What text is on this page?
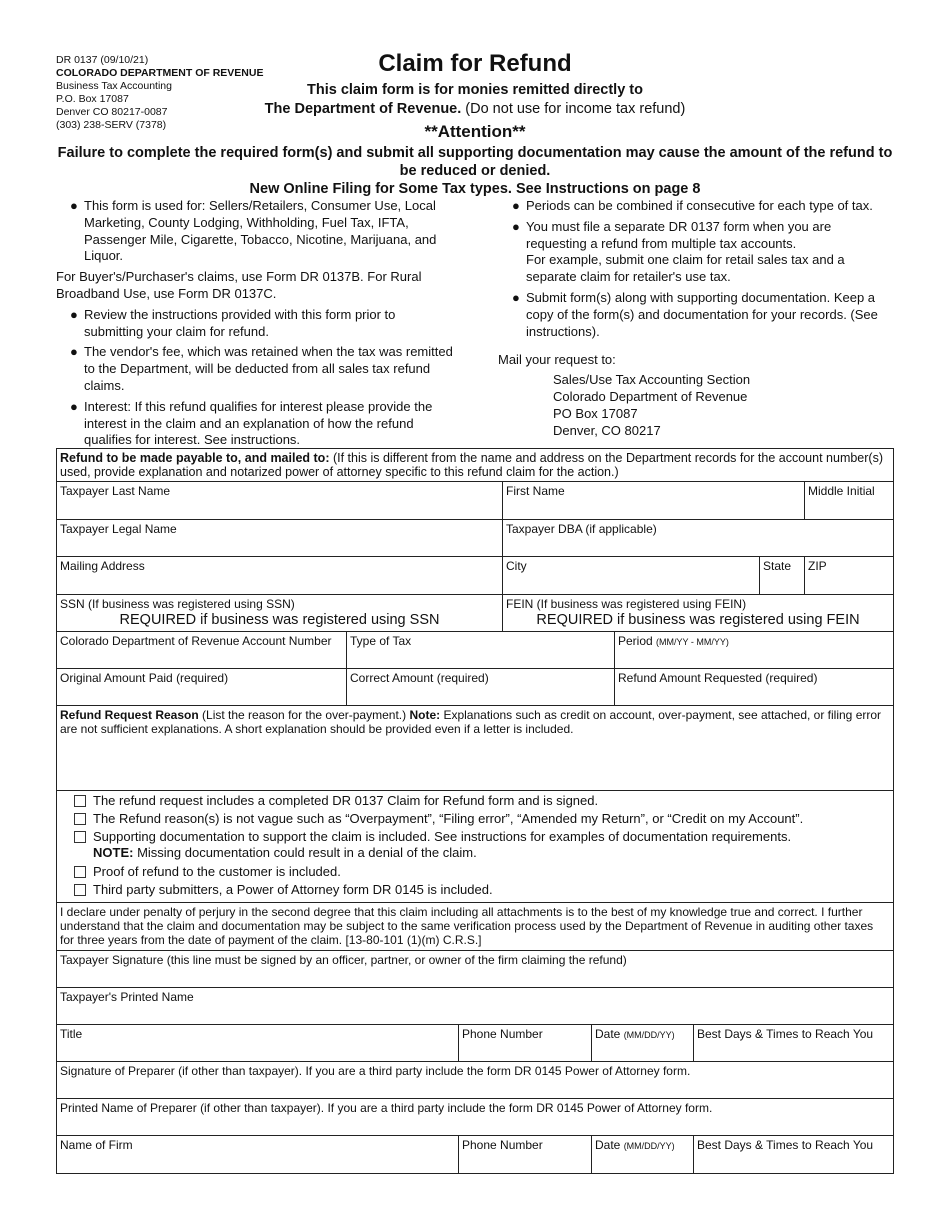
DR 0137 (09/10/21)
COLORADO DEPARTMENT OF REVENUE
Business Tax Accounting
P.O. Box 17087
Denver CO 80217-0087
(303) 238-SERV (7378)
Claim for Refund
This claim form is for monies remitted directly to
The Department of Revenue. (Do not use for income tax refund)
**Attention**
Failure to complete the required form(s) and submit all supporting documentation may cause the amount of the refund to be reduced or denied.
New Online Filing for Some Tax types. See Instructions on page 8
● This form is used for: Sellers/Retailers, Consumer Use, Local Marketing, County Lodging, Withholding, Fuel Tax, IFTA, Passenger Mile, Cigarette, Tobacco, Nicotine, Marijuana, and Liquor.
For Buyer's/Purchaser's claims, use Form DR 0137B. For Rural Broadband Use, use Form DR 0137C.
● Review the instructions provided with this form prior to submitting your claim for refund.
● The vendor's fee, which was retained when the tax was remitted to the Department, will be deducted from all sales tax refund claims.
● Interest: If this refund qualifies for interest please provide the interest in the claim and an explanation of how the refund qualifies for interest. See instructions.
● Periods can be combined if consecutive for each type of tax.
● You must file a separate DR 0137 form when you are requesting a refund from multiple tax accounts.
For example, submit one claim for retail sales tax and a separate claim for retailer's use tax.
● Submit form(s) along with supporting documentation. Keep a copy of the form(s) and documentation for your records. (See instructions).
Mail your request to:
Sales/Use Tax Accounting Section
Colorado Department of Revenue
PO Box 17087
Denver, CO 80217
Refund to be made payable to, and mailed to: (If this is different from the name and address on the Department records for the account number(s) used, provide explanation and notarized power of attorney specific to this refund claim for the action.)
Taxpayer Last Name	First Name	Middle Initial
Taxpayer Legal Name	Taxpayer DBA (if applicable)
Mailing Address	City	State	ZIP
SSN (If business was registered using SSN)
REQUIRED if business was registered using SSN
FEIN (If business was registered using FEIN)
REQUIRED if business was registered using FEIN
Colorado Department of Revenue Account Number	Type of Tax	Period (MM/YY - MM/YY)
Original Amount Paid (required)	Correct Amount (required)	Refund Amount Requested (required)
Refund Request Reason (List the reason for the over-payment.) Note: Explanations such as credit on account, over-payment, see attached, or filing error are not sufficient explanations. A short explanation should be provided even if a letter is included.
The refund request includes a completed DR 0137 Claim for Refund form and is signed.
The Refund reason(s) is not vague such as “Overpayment”, “Filing error”, “Amended my Return”, or “Credit on my Account”.
Supporting documentation to support the claim is included. See instructions for examples of documentation requirements.
NOTE: Missing documentation could result in a denial of the claim.
Proof of refund to the customer is included.
Third party submitters, a Power of Attorney form DR 0145 is included.
I declare under penalty of perjury in the second degree that this claim including all attachments is to the best of my knowledge true and correct. I further understand that the claim and documentation may be subject to the same verification process used by the Department of Revenue in auditing other taxes for three years from the date of payment of the claim. [13-80-101 (1)(m) C.R.S.]
Taxpayer Signature (this line must be signed by an officer, partner, or owner of the firm claiming the refund)
Taxpayer's Printed Name
Title	Phone Number	Date (MM/DD/YY)	Best Days & Times to Reach You
Signature of Preparer (if other than taxpayer). If you are a third party include the form DR 0145 Power of Attorney form.
Printed Name of Preparer (if other than taxpayer). If you are a third party include the form DR 0145 Power of Attorney form.
Name of Firm	Phone Number	Date (MM/DD/YY)	Best Days & Times to Reach You
